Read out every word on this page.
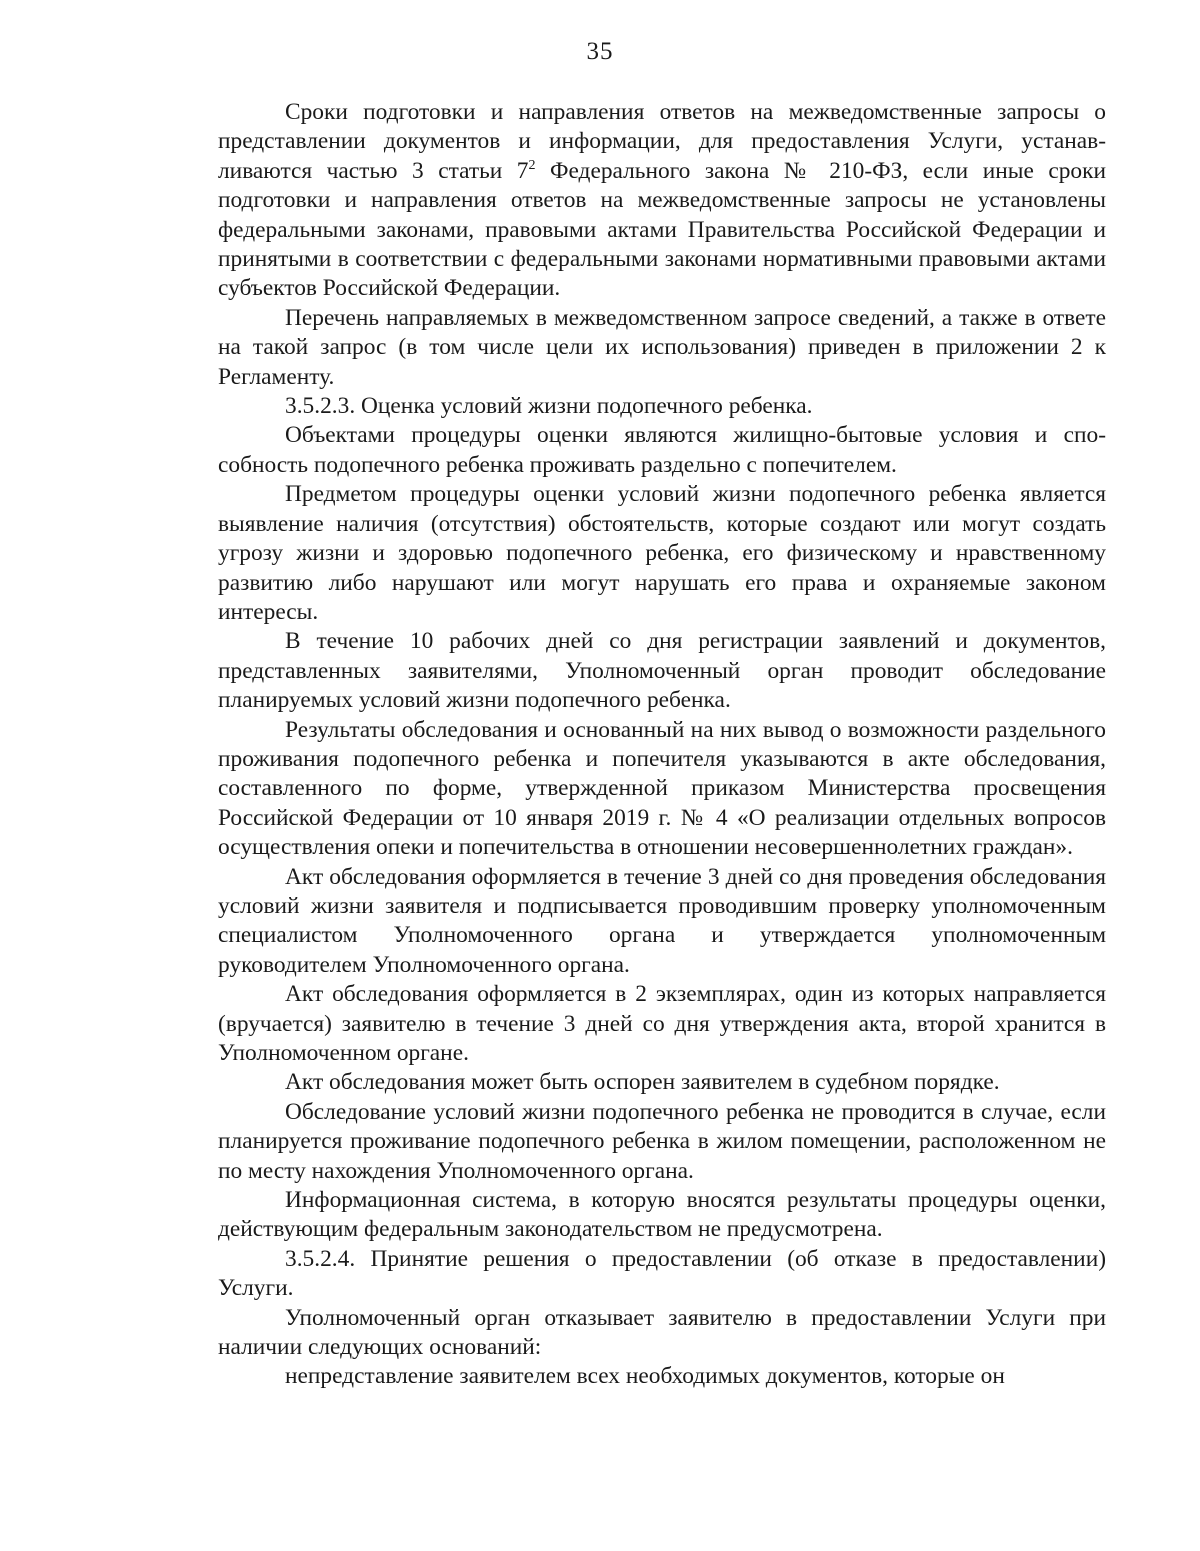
35

Сроки подготовки и направления ответов на межведомственные запросы о представлении документов и информации, для предоставления Услуги, устанавливаются частью 3 статьи $7^2$ Федерального закона № 210-ФЗ, если иные сроки подготовки и направления ответов на межведомственные запросы не установлены федеральными законами, правовыми актами Правительства Российской Федерации и принятыми в соответствии с федеральными законами нормативными правовыми актами субъектов Российской Федерации.

Перечень направляемых в межведомственном запросе сведений, а также в ответе на такой запрос (в том числе цели их использования) приведен в приложении 2 к Регламенту.

3.5.2.3. Оценка условий жизни подопечного ребенка.

Объектами процедуры оценки являются жилищно-бытовые условия и способность подопечного ребенка проживать раздельно с попечителем.

Предметом процедуры оценки условий жизни подопечного ребенка является выявление наличия (отсутствия) обстоятельств, которые создают или могут создать угрозу жизни и здоровью подопечного ребенка, его физическому и нравственному развитию либо нарушают или могут нарушать его права и охраняемые законом интересы.

В течение 10 рабочих дней со дня регистрации заявлений и документов, представленных заявителями, Уполномоченный орган проводит обследование планируемых условий жизни подопечного ребенка.

Результаты обследования и основанный на них вывод о возможности раздельного проживания подопечного ребенка и попечителя указываются в акте обследования, составленного по форме, утвержденной приказом Министерства просвещения Российской Федерации от 10 января 2019 г. № 4 «О реализации отдельных вопросов осуществления опеки и попечительства в отношении несовершеннолетних граждан».

Акт обследования оформляется в течение 3 дней со дня проведения обследования условий жизни заявителя и подписывается проводившим проверку уполномоченным специалистом Уполномоченного органа и утверждается уполномоченным руководителем Уполномоченного органа.

Акт обследования оформляется в 2 экземплярах, один из которых направляется (вручается) заявителю в течение 3 дней со дня утверждения акта, второй хранится в Уполномоченном органе.

Акт обследования может быть оспорен заявителем в судебном порядке.

Обследование условий жизни подопечного ребенка не проводится в случае, если планируется проживание подопечного ребенка в жилом помещении, расположенном не по месту нахождения Уполномоченного органа.

Информационная система, в которую вносятся результаты процедуры оценки, действующим федеральным законодательством не предусмотрена.

3.5.2.4. Принятие решения о предоставлении (об отказе в предоставлении) Услуги.

Уполномоченный орган отказывает заявителю в предоставлении Услуги при наличии следующих оснований:

непредставление заявителем всех необходимых документов, которые он
